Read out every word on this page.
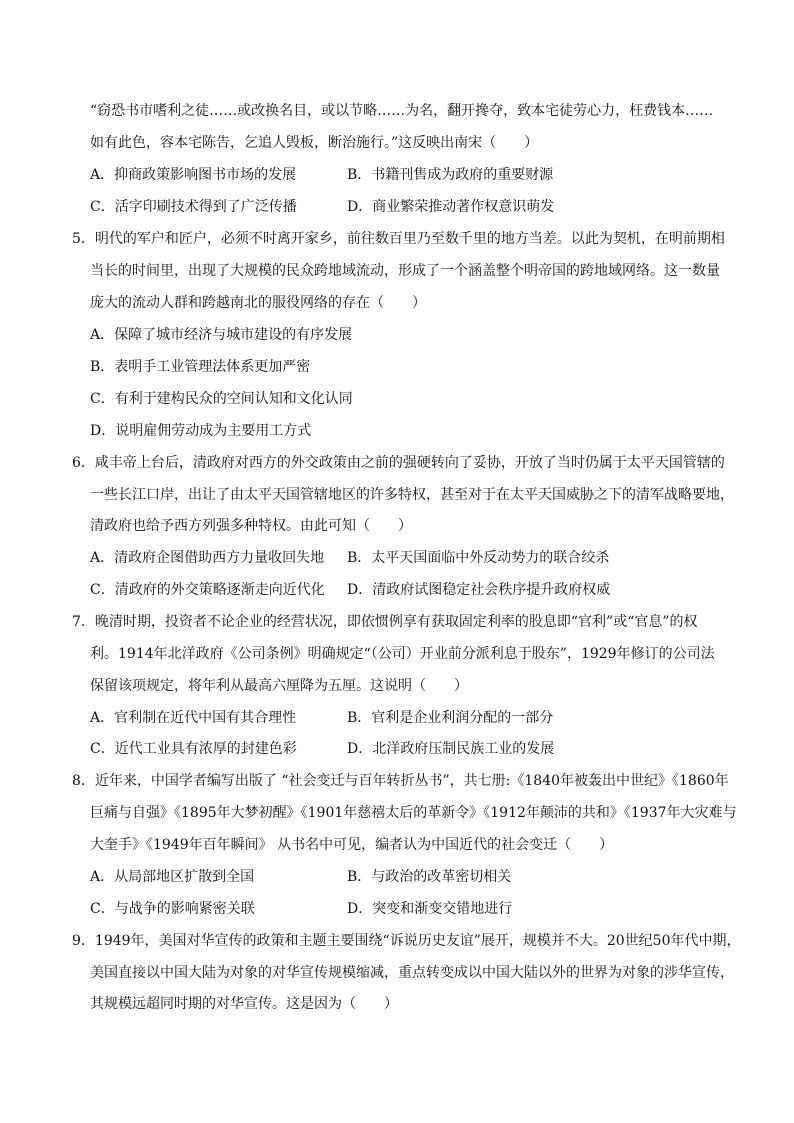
“窃恐书市嗜利之徒……或改换名目，或以节略……为名，翻开搀夺，致本宅徒劳心力，枉费钱本……
如有此色，容本宅陈告，乞追人毁板，断治施行。”这反映出南宋（　　）
A．抑商政策影响图书市场的发展	B．书籍刊售成为政府的重要财源
C．活字印刷技术得到了广泛传播	D．商业繁荣推动著作权意识萌发
5．明代的军户和匠户，必须不时离开家乡，前往数百里乃至数千里的地方当差。以此为契机，在明前期相
当长的时间里，出现了大规模的民众跨地域流动，形成了一个涵盖整个明帝国的跨地域网络。这一数量
庞大的流动人群和跨越南北的服役网络的存在（　　）
A．保障了城市经济与城市建设的有序发展
B．表明手工业管理法体系更加严密
C．有利于建构民众的空间认知和文化认同
D．说明雇佣劳动成为主要用工方式
6．咸丰帝上台后，清政府对西方的外交政策由之前的强硬转向了妥协，开放了当时仍属于太平天国管辖的
一些长江口岸，出让了由太平天国管辖地区的许多特权，甚至对于在太平天国威胁之下的清军战略要地，
清政府也给予西方列强多种特权。由此可知（　　）
A．清政府企图借助西方力量收回失地 B．太平天国面临中外反动势力的联合绞杀
C．清政府的外交策略逐渐走向近代化 D．清政府试图稳定社会秩序提升政府权威
7．晚清时期，投资者不论企业的经营状况，即依惯例享有获取固定利率的股息即“官利”或“官息”的权
利。1914年北洋政府《公司条例》明确规定“（公司）开业前分派利息于股东”，1929年修订的公司法
保留该项规定，将年利从最高六厘降为五厘。这说明（　　）
A．官利制在近代中国有其合理性	B．官利是企业利润分配的一部分
C．近代工业具有浓厚的封建色彩	D．北洋政府压制民族工业的发展
8．近年来，中国学者编写出版了 “社会变迁与百年转折丛书”，共七册:《1840年被轰出中世纪》《1860年
巨痛与自强》《1895年大梦初醒》《1901年慈禧太后的革新令》《1912年颠沛的共和》《1937年大灾难与
大奎手》《1949年百年瞬间》 从书名中可见，编者认为中国近代的社会变迁（　　）
A．从局部地区扩散到全国	B．与政治的改革密切相关
C．与战争的影响紧密关联	D．突变和渐变交错地进行
9．1949年，美国对华宣传的政策和主题主要围绕“诉说历史友谊”展开，规模并不大。20世纪50年代中期，
美国直接以中国大陆为对象的对华宣传规模缩减，重点转变成以中国大陆以外的世界为对象的涉华宣传，
其规模远超同时期的对华宣传。这是因为（　　）
